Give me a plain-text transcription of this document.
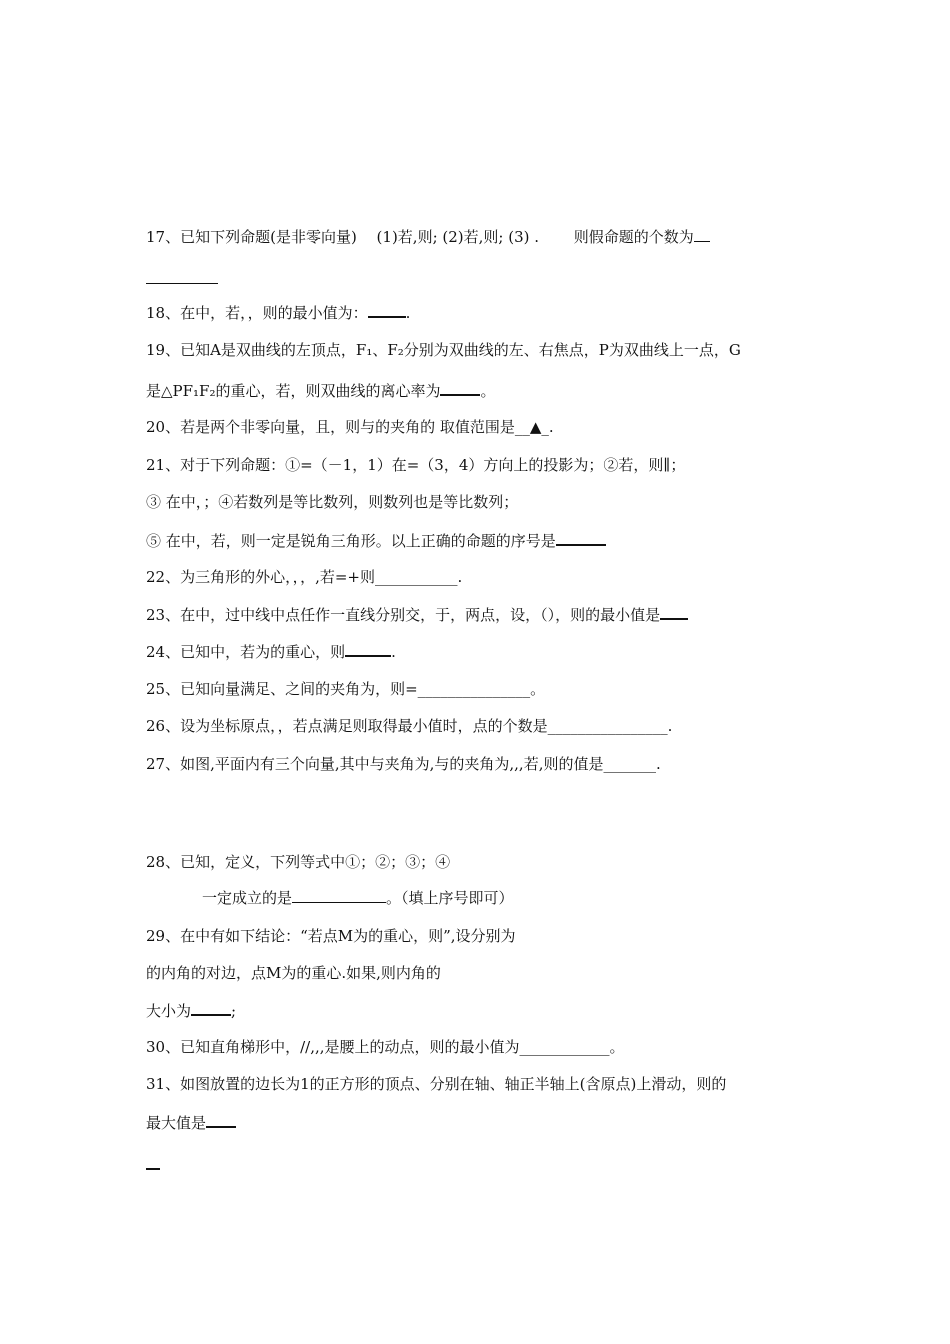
17、已知下列命题(是非零向量)　 (1)若,则; (2)若,则; (3) .　　 则假命题的个数为
18、在中，若，，则的最小值为：	.
19、已知A是双曲线的左顶点，F₁、F₂分别为双曲线的左、右焦点，P为双曲线上一点，G
是△PF₁F₂的重心，若，则双曲线的离心率为	。
20、若是两个非零向量，且，则与的夹角的 取值范围是__▲_.
21、对于下列命题：①=（－1，1）在=（3，4）方向上的投影为；②若，则∥；
③ 在中，；④若数列是等比数列，则数列也是等比数列；
⑤ 在中，若，则一定是锐角三角形。以上正确的命题的序号是
22、为三角形的外心，，，,若=+则___________.
23、在中，过中线中点任作一直线分别交，于，两点，设，（），则的最小值是
24、已知中，若为的重心，则	.
25、已知向量满足、之间的夹角为，则=_______________。
26、设为坐标原点，，若点满足则取得最小值时，点的个数是________________.
27、如图,平面内有三个向量,其中与夹角为,与的夹角为,,,若,则的值是_______.
28、已知，定义，下列等式中①；②；③；④
一定成立的是	。（填上序号即可）
29、在中有如下结论：“若点M为的重心，则”,设分别为
的内角的对边，点M为的重心.如果,则内角的
大小为	;
30、已知直角梯形中，//,,,是腰上的动点，则的最小值为____________。
31、如图放置的边长为1的正方形的顶点、分别在轴、轴正半轴上(含原点)上滑动，则的
最大值是
